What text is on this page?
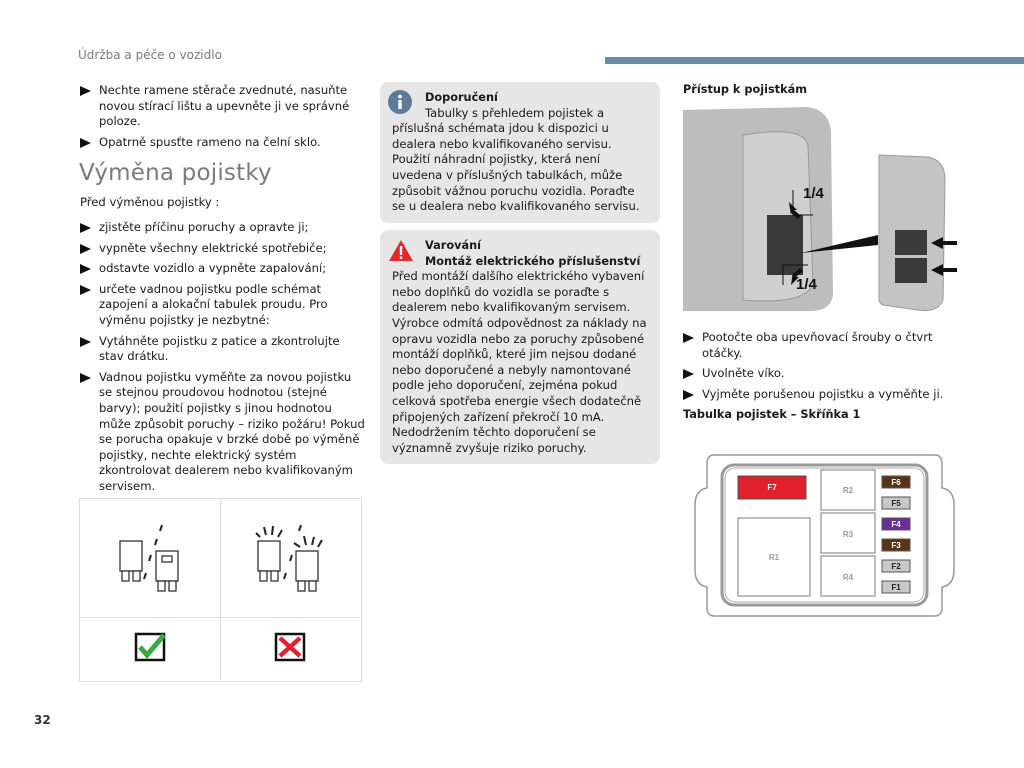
Údržba a péče o vozidlo
Nechte ramene stěrače zvednuté, nasuňte novou stírací lištu a upevněte ji ve správné poloze.
Opatrně spusťte rameno na čelní sklo.
Výměna pojistky
Před výměnou pojistky :
zjistěte příčinu poruchy a opravte ji;
vypněte všechny elektrické spotřebiče;
odstavte vozidlo a vypněte zapalování;
určete vadnou pojistku podle schémat zapojení a alokační tabulek proudu. Pro výměnu pojistky je nezbytné:
Vytáhněte pojistku z patice a zkontrolujte stav drátku.
Vadnou pojistku vyměňte za novou pojistku se stejnou proudovou hodnotou (stejné barvy); použití pojistky s jinou hodnotou může způsobit poruchy – riziko požáru! Pokud se porucha opakuje v brzké době po výměně pojistky, nechte elektrický systém zkontrolovat dealerem nebo kvalifikovaným servisem.
Doporučení
Tabulky s přehledem pojistek a příslušná schémata jdou k dispozici u dealera nebo kvalifikovaného servisu.
Použití náhradní pojistky, která není uvedena v příslušných tabulkách, může způsobit vážnou poruchu vozidla. Poraďte se u dealera nebo kvalifikovaného servisu.
Varování
Montáž elektrického příslušenství
Před montáží dalšího elektrického vybavení nebo doplňků do vozidla se poraďte s dealerem nebo kvalifikovaným servisem. Výrobce odmítá odpovědnost za náklady na opravu vozidla nebo za poruchy způsobené montáží doplňků, které jim nejsou dodané nebo doporučené a nebyly namontované podle jeho doporučení, zejména pokud celková spotřeba energie všech dodatečně připojených zařízení překročí 10 mA. Nedodržením těchto doporučení se významně zvyšuje riziko poruchy.
Přístup k pojistkám
1/4
1/4
Pootočte oba upevňovací šrouby o čtvrt otáčky.
Uvolněte víko.
Vyjměte porušenou pojistku a vyměňte ji.
Tabulka pojistek – Skříňka 1
F7
R1
R2
R3
R4
F6
F5
F4
F3
F2
F1
32
